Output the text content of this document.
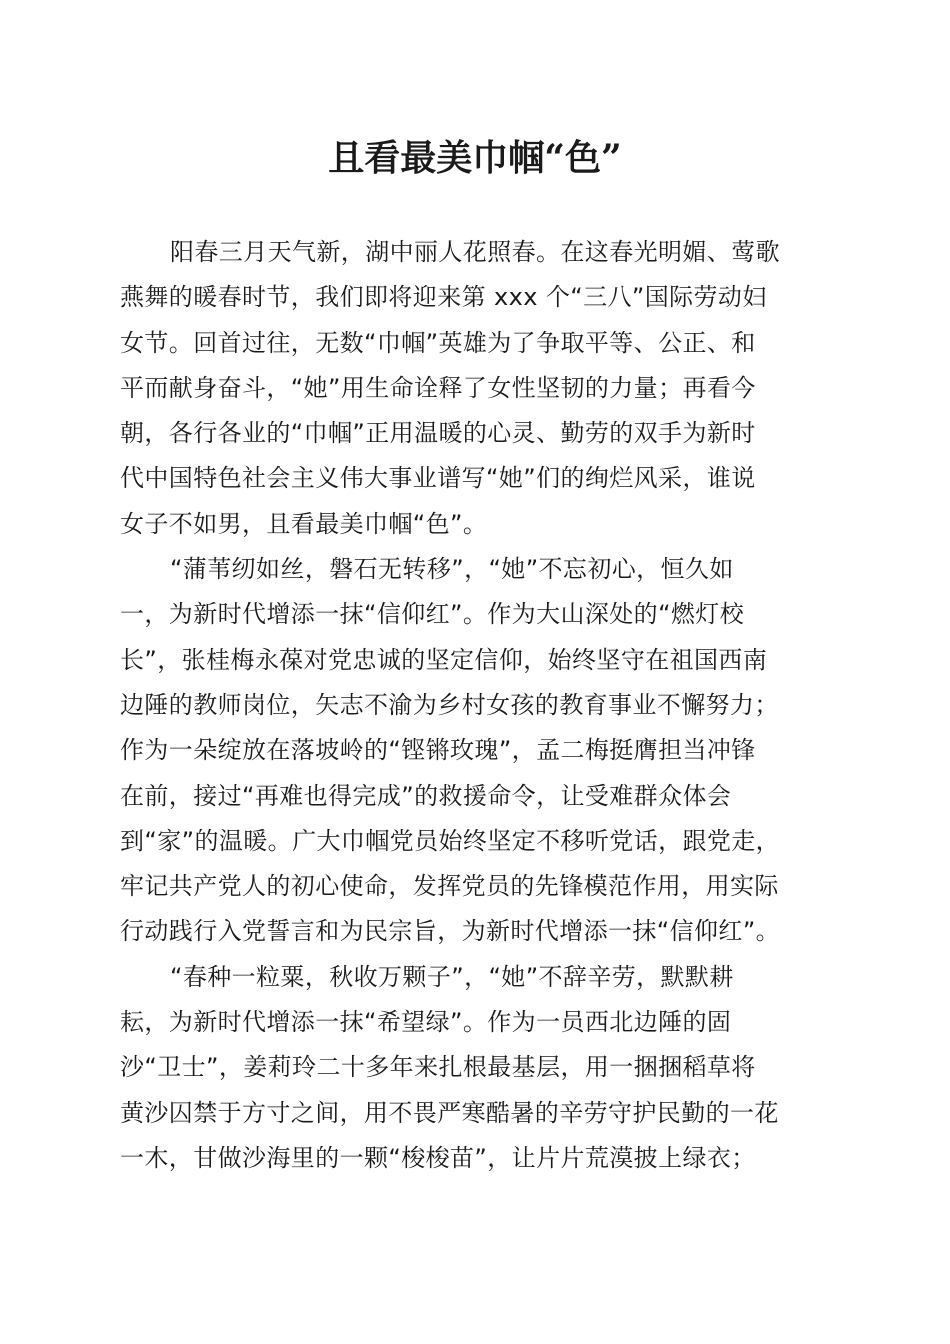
且看最美巾帼“色”

阳春三月天气新，湖中丽人花照春。在这春光明媚、莺歌
燕舞的暖春时节，我们即将迎来第 xxx 个“三八”国际劳动妇
女节。回首过往，无数“巾帼”英雄为了争取平等、公正、和
平而献身奋斗，“她”用生命诠释了女性坚韧的力量；再看今
朝，各行各业的“巾帼”正用温暖的心灵、勤劳的双手为新时
代中国特色社会主义伟大事业谱写“她”们的绚烂风采，谁说
女子不如男，且看最美巾帼“色”。

“蒲苇纫如丝，磐石无转移”，“她”不忘初心，恒久如
一，为新时代增添一抹“信仰红”。作为大山深处的“燃灯校
长”，张桂梅永葆对党忠诚的坚定信仰，始终坚守在祖国西南
边陲的教师岗位，矢志不渝为乡村女孩的教育事业不懈努力；
作为一朵绽放在落坡岭的“铿锵玫瑰”，孟二梅挺膺担当冲锋
在前，接过“再难也得完成”的救援命令，让受难群众体会
到“家”的温暖。广大巾帼党员始终坚定不移听党话，跟党走，
牢记共产党人的初心使命，发挥党员的先锋模范作用，用实际
行动践行入党誓言和为民宗旨，为新时代增添一抹“信仰红”。

“春种一粒粟，秋收万颗子”，“她”不辞辛劳，默默耕
耘，为新时代增添一抹“希望绿”。作为一员西北边陲的固
沙“卫士”，姜莉玲二十多年来扎根最基层，用一捆捆稻草将
黄沙囚禁于方寸之间，用不畏严寒酷暑的辛劳守护民勤的一花
一木，甘做沙海里的一颗“梭梭苗”，让片片荒漠披上绿衣；
